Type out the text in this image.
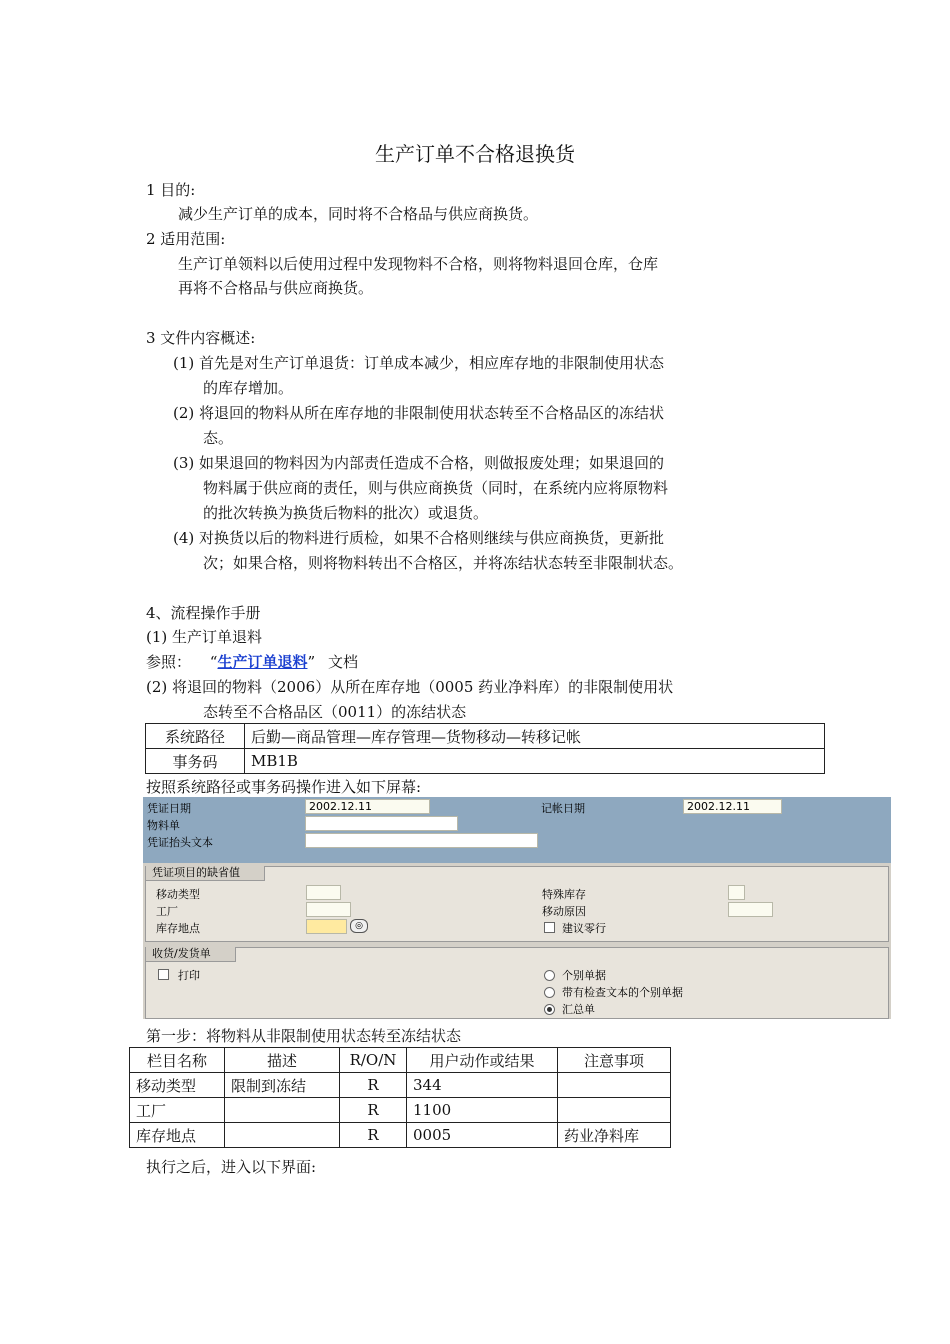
生产订单不合格退换货
1 目的:
减少生产订单的成本，同时将不合格品与供应商换货。
2 适用范围:
生产订单领料以后使用过程中发现物料不合格，则将物料退回仓库，仓库
再将不合格品与供应商换货。
3 文件内容概述:
(1) 首先是对生产订单退货：订单成本减少，相应库存地的非限制使用状态
的库存增加。
(2) 将退回的物料从所在库存地的非限制使用状态转至不合格品区的冻结状
态。
(3) 如果退回的物料因为内部责任造成不合格，则做报废处理；如果退回的
物料属于供应商的责任，则与供应商换货（同时，在系统内应将原物料
的批次转换为换货后物料的批次）或退货。
(4) 对换货以后的物料进行质检，如果不合格则继续与供应商换货，更新批
次；如果合格，则将物料转出不合格区，并将冻结状态转至非限制状态。
4、流程操作手册
(1) 生产订单退料
参照： “生产订单退料” 文档
(2) 将退回的物料（2006）从所在库存地（0005 药业净料库）的非限制使用状
态转至不合格品区（0011）的冻结状态
系统路径	后勤—商品管理—库存管理—货物移动—转移记帐
事务码	MB1B
按照系统路径或事务码操作进入如下屏幕:
凭证日期	2002.12.11	记帐日期	2002.12.11
物料单
凭证抬头文本
凭证项目的缺省值
移动类型
工厂
库存地点	◎
特殊库存
移动原因
建议零行
收货/发货单
打印	个别单据
带有检查文本的个别单据
汇总单
第一步：将物料从非限制使用状态转至冻结状态
栏目名称	描述	R/O/N	用户动作或结果	注意事项
移动类型	限制到冻结	R	344	
工厂		R	1100	
库存地点		R	0005	药业净料库
执行之后，进入以下界面:
